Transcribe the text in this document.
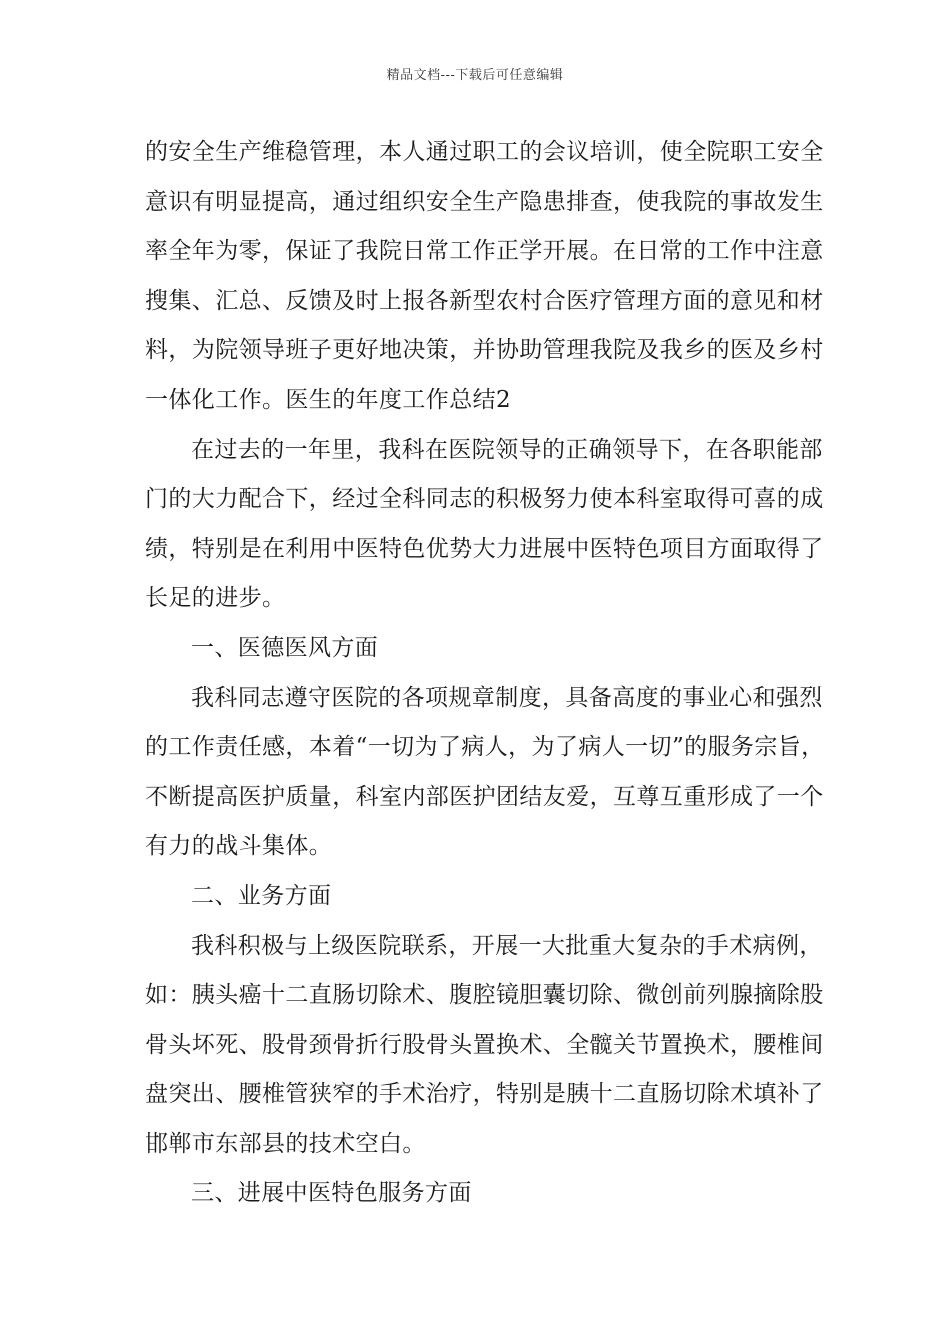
精品文档---下载后可任意编辑

的安全生产维稳管理，本人通过职工的会议培训，使全院职工安全意识有明显提高，通过组织安全生产隐患排查，使我院的事故发生率全年为零，保证了我院日常工作正学开展。在日常的工作中注意搜集、汇总、反馈及时上报各新型农村合医疗管理方面的意见和材料，为院领导班子更好地决策，并协助管理我院及我乡的医及乡村一体化工作。医生的年度工作总结2

在过去的一年里，我科在医院领导的正确领导下，在各职能部门的大力配合下，经过全科同志的积极努力使本科室取得可喜的成绩，特别是在利用中医特色优势大力进展中医特色项目方面取得了长足的进步。

一、医德医风方面

我科同志遵守医院的各项规章制度，具备高度的事业心和强烈的工作责任感，本着“一切为了病人，为了病人一切”的服务宗旨，不断提高医护质量，科室内部医护团结友爱，互尊互重形成了一个有力的战斗集体。

二、业务方面

我科积极与上级医院联系，开展一大批重大复杂的手术病例，如：胰头癌十二直肠切除术、腹腔镜胆囊切除、微创前列腺摘除股骨头坏死、股骨颈骨折行股骨头置换术、全髋关节置换术，腰椎间盘突出、腰椎管狭窄的手术治疗，特别是胰十二直肠切除术填补了邯郸市东部县的技术空白。

三、进展中医特色服务方面
